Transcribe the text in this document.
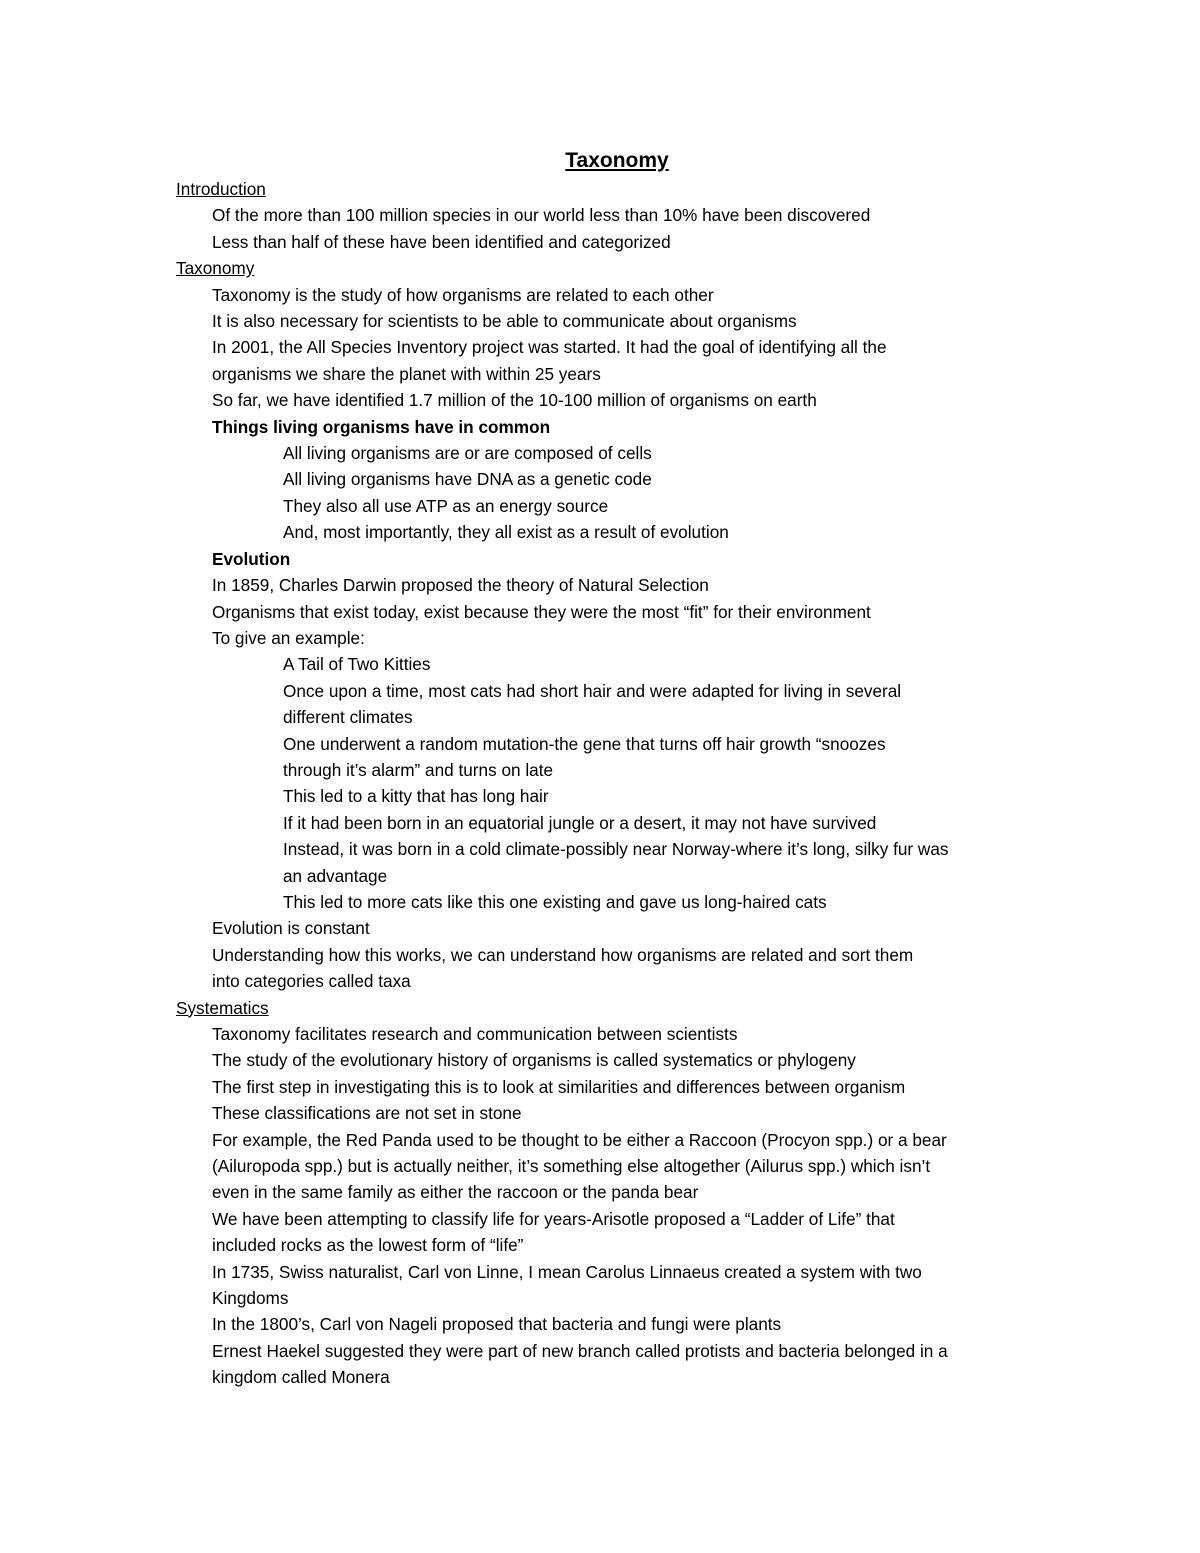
Taxonomy
Introduction
Of the more than 100 million species in our world less than 10% have been discovered
Less than half of these have been identified and categorized
Taxonomy
Taxonomy is the study of how organisms are related to each other
It is also necessary for scientists to be able to communicate about organisms
In 2001, the All Species Inventory project was started. It had the goal of identifying all the
organisms we share the planet with within 25 years
So far, we have identified 1.7 million of the 10-100 million of organisms on earth
Things living organisms have in common
All living organisms are or are composed of cells
All living organisms have DNA as a genetic code
They also all use ATP as an energy source
And, most importantly, they all exist as a result of evolution
Evolution
In 1859, Charles Darwin proposed the theory of Natural Selection
Organisms that exist today, exist because they were the most “fit” for their environment
To give an example:
A Tail of Two Kitties
Once upon a time, most cats had short hair and were adapted for living in several
different climates
One underwent a random mutation-the gene that turns off hair growth “snoozes
through it’s alarm” and turns on late
This led to a kitty that has long hair
If it had been born in an equatorial jungle or a desert, it may not have survived
Instead, it was born in a cold climate-possibly near Norway-where it’s long, silky fur was
an advantage
This led to more cats like this one existing and gave us long-haired cats
Evolution is constant
Understanding how this works, we can understand how organisms are related and sort them
into categories called taxa
Systematics
Taxonomy facilitates research and communication between scientists
The study of the evolutionary history of organisms is called systematics or phylogeny
The first step in investigating this is to look at similarities and differences between organism
These classifications are not set in stone
For example, the Red Panda used to be thought to be either a Raccoon (Procyon spp.) or a bear
(Ailuropoda spp.) but is actually neither, it’s something else altogether (Ailurus spp.) which isn’t
even in the same family as either the raccoon or the panda bear
We have been attempting to classify life for years-Arisotle proposed a “Ladder of Life” that
included rocks as the lowest form of “life”
In 1735, Swiss naturalist, Carl von Linne, I mean Carolus Linnaeus created a system with two
Kingdoms
In the 1800’s, Carl von Nageli proposed that bacteria and fungi were plants
Ernest Haekel suggested they were part of new branch called protists and bacteria belonged in a
kingdom called Monera
